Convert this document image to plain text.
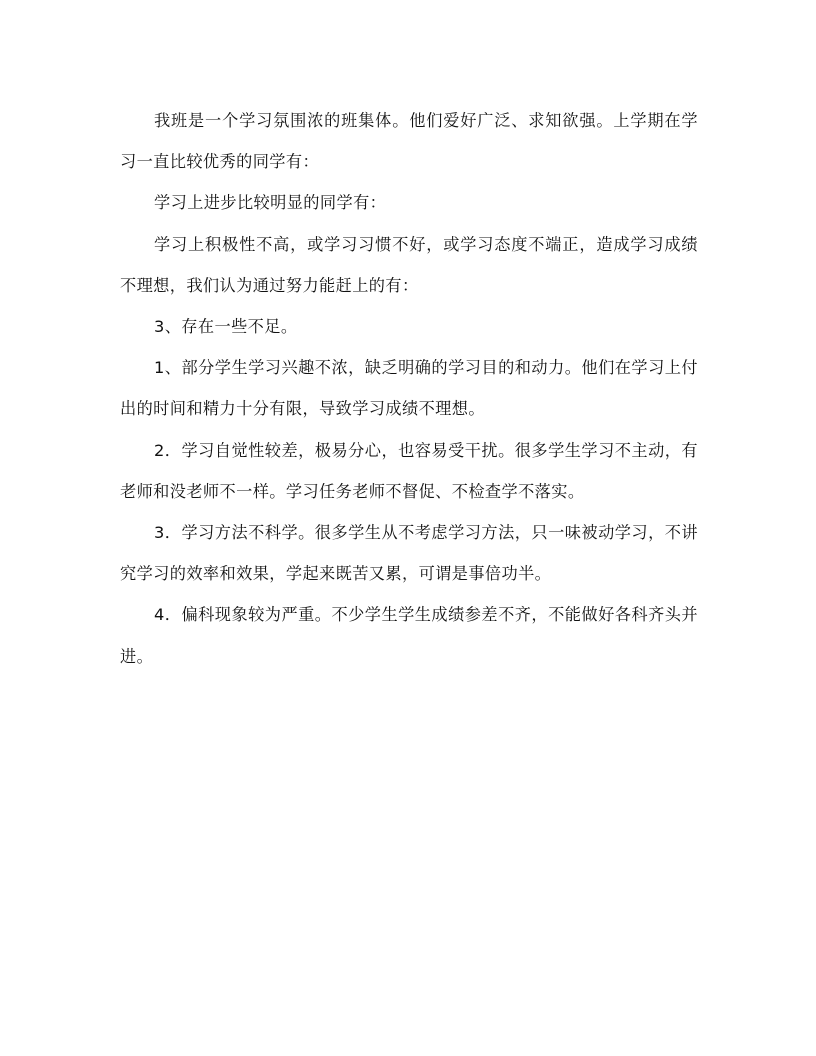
我班是一个学习氛围浓的班集体。他们爱好广泛、求知欲强。上学期在学习一直比较优秀的同学有：

学习上进步比较明显的同学有：

学习上积极性不高，或学习习惯不好，或学习态度不端正，造成学习成绩不理想，我们认为通过努力能赶上的有：

3、存在一些不足。

1、部分学生学习兴趣不浓，缺乏明确的学习目的和动力。他们在学习上付出的时间和精力十分有限，导致学习成绩不理想。

2．学习自觉性较差，极易分心，也容易受干扰。很多学生学习不主动，有老师和没老师不一样。学习任务老师不督促、不检查学不落实。

3．学习方法不科学。很多学生从不考虑学习方法，只一味被动学习，不讲究学习的效率和效果，学起来既苦又累，可谓是事倍功半。

4．偏科现象较为严重。不少学生学生成绩参差不齐，不能做好各科齐头并进。
